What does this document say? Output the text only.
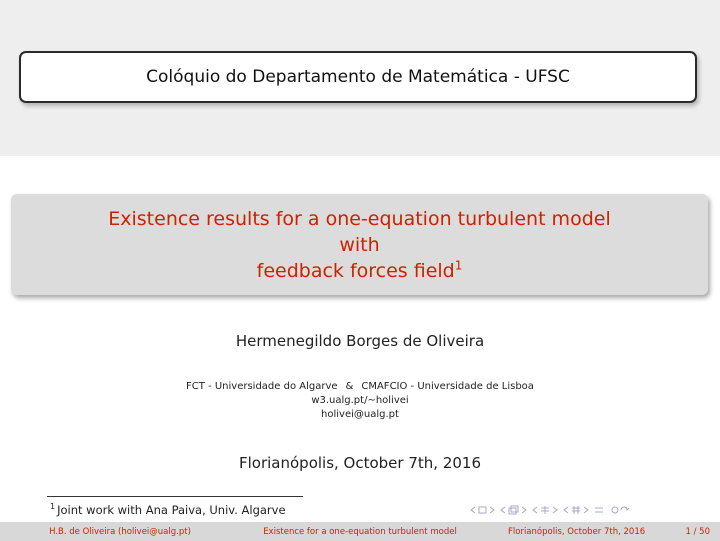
Colóquio do Departamento de Matemática - UFSC
Existence results for a one-equation turbulent model
with
feedback forces field$^1$
Hermenegildo Borges de Oliveira
FCT - Universidade do Algarve & CMAFCIO - Universidade de Lisboa
w3.ualg.pt/∼holivei
holivei@ualg.pt
Florianópolis, October 7th, 2016
$^1$ Joint work with Ana Paiva, Univ. Algarve
H.B. de Oliveira (holivei@ualg.pt)	Existence for a one-equation turbulent model	Florianópolis, October 7th, 2016	1 / 50
